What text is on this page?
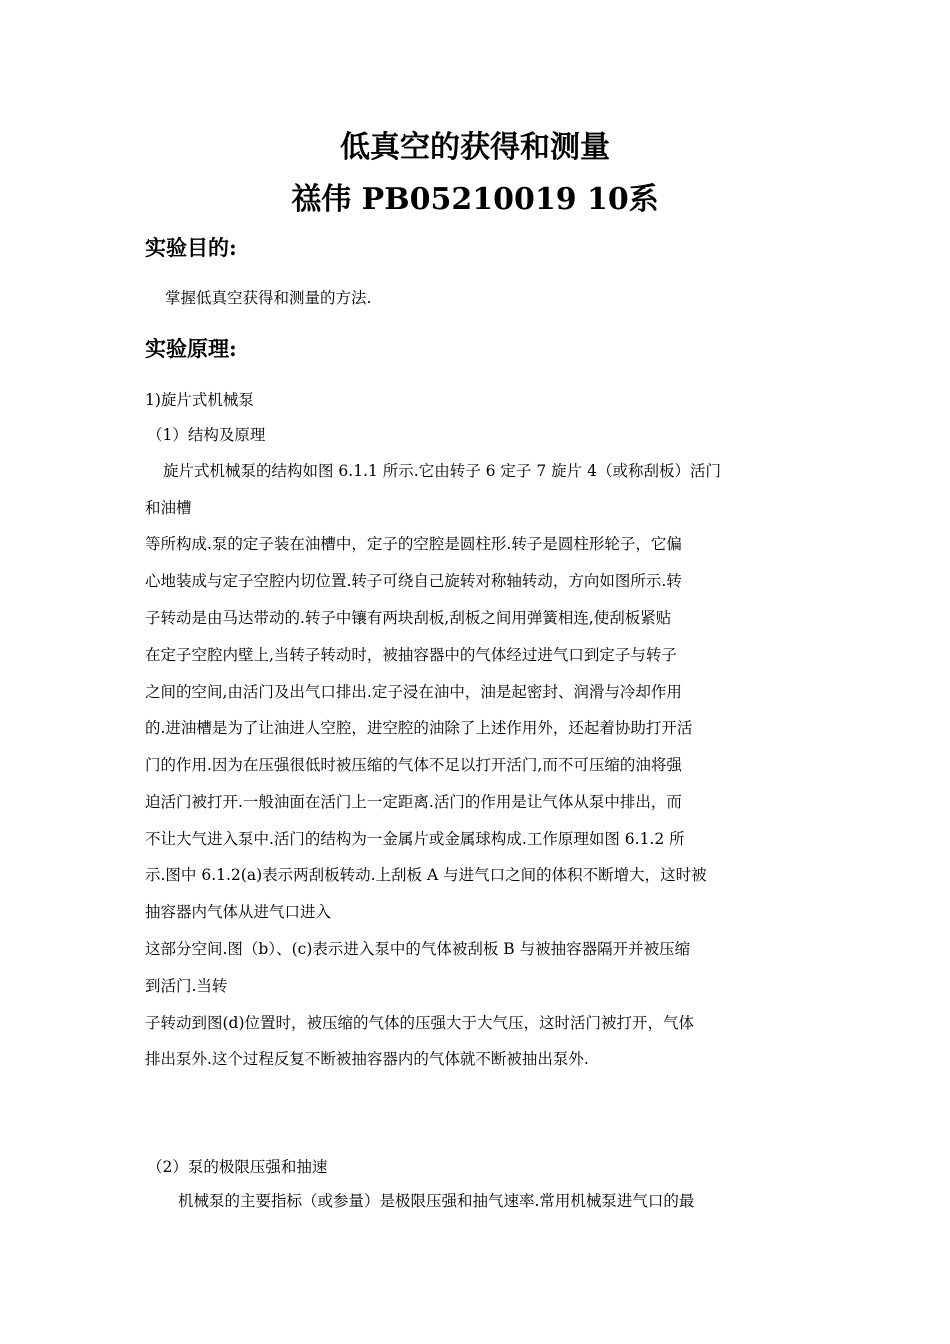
低真空的获得和测量
禚伟 PB05210019 10系
实验目的:

掌握低真空获得和测量的方法.

实验原理:

1)旋片式机械泵

（1）结构及原理

旋片式机械泵的结构如图 6.1.1 所示.它由转子 6 定子 7 旋片 4（或称刮板）活门

和油槽

等所构成.泵的定子装在油槽中，定子的空腔是圆柱形.转子是圆柱形轮子，它偏

心地装成与定子空腔内切位置.转子可绕自己旋转对称轴转动，方向如图所示.转

子转动是由马达带动的.转子中镶有两块刮板,刮板之间用弹簧相连,使刮板紧贴

在定子空腔内壁上,当转子转动时，被抽容器中的气体经过进气口到定子与转子

之间的空间,由活门及出气口排出.定子浸在油中，油是起密封、润滑与冷却作用

的.进油槽是为了让油进人空腔，进空腔的油除了上述作用外，还起着协助打开活

门的作用.因为在压强很低时被压缩的气体不足以打开活门,而不可压缩的油将强

迫活门被打开.一般油面在活门上一定距离.活门的作用是让气体从泵中排出，而

不让大气进入泵中.活门的结构为一金属片或金属球构成.工作原理如图 6.1.2 所

示.图中 6.1.2(a)表示两刮板转动.上刮板 A 与进气口之间的体积不断增大，这时被

抽容器内气体从进气口进入

这部分空间.图（b）、(c)表示进入泵中的气体被刮板 B 与被抽容器隔开并被压缩

到活门.当转

子转动到图(d)位置时，被压缩的气体的压强大于大气压，这时活门被打开，气体

排出泵外.这个过程反复不断被抽容器内的气体就不断被抽出泵外.

（2）泵的极限压强和抽速

机械泵的主要指标（或参量）是极限压强和抽气速率.常用机械泵进气口的最
